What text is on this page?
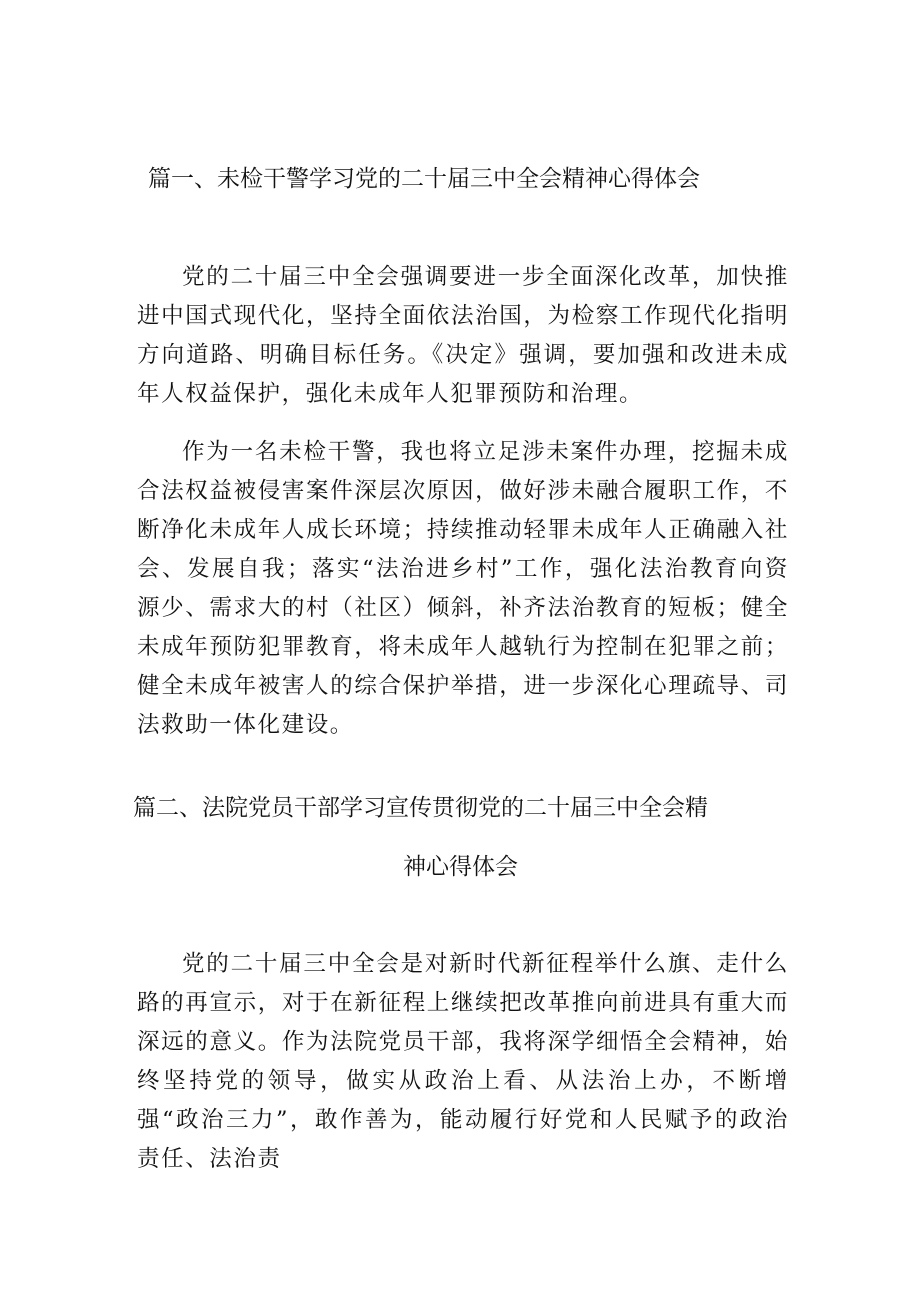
篇一、未检干警学习党的二十届三中全会精神心得体会

党的二十届三中全会强调要进一步全面深化改革，加快推进中国式现代化，坚持全面依法治国，为检察工作现代化指明方向道路、明确目标任务。《决定》强调，要加强和改进未成年人权益保护，强化未成年人犯罪预防和治理。

作为一名未检干警，我也将立足涉未案件办理，挖掘未成合法权益被侵害案件深层次原因，做好涉未融合履职工作，不断净化未成年人成长环境；持续推动轻罪未成年人正确融入社会、发展自我；落实“法治进乡村”工作，强化法治教育向资源少、需求大的村（社区）倾斜，补齐法治教育的短板；健全未成年预防犯罪教育，将未成年人越轨行为控制在犯罪之前；健全未成年被害人的综合保护举措，进一步深化心理疏导、司法救助一体化建设。

篇二、法院党员干部学习宣传贯彻党的二十届三中全会精
神心得体会

党的二十届三中全会是对新时代新征程举什么旗、走什么路的再宣示，对于在新征程上继续把改革推向前进具有重大而深远的意义。作为法院党员干部，我将深学细悟全会精神，始终坚持党的领导，做实从政治上看、从法治上办，不断增强“政治三力”，敢作善为，能动履行好党和人民赋予的政治责任、法治责
